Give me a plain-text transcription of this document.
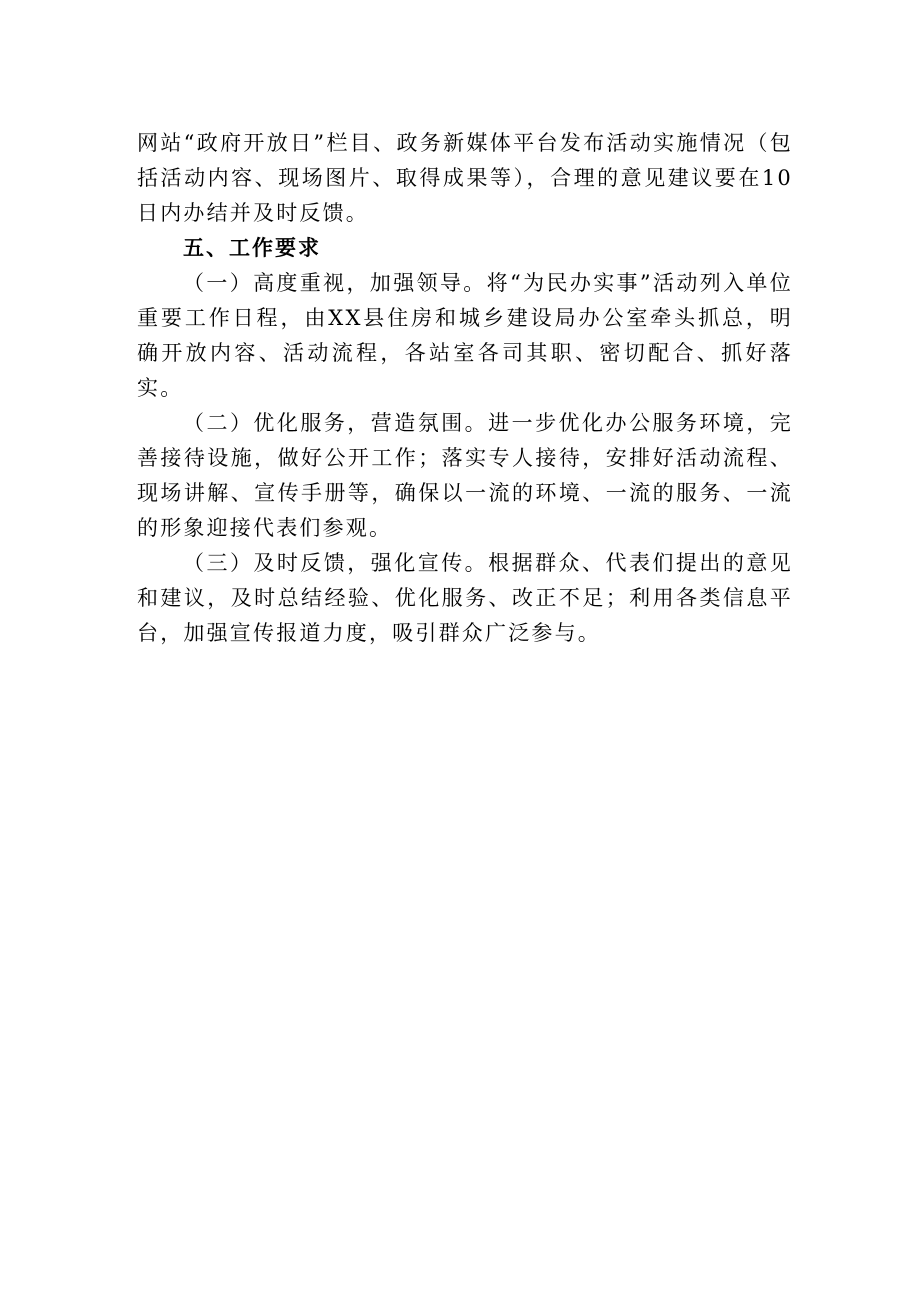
网站“政府开放日”栏目、政务新媒体平台发布活动实施情况（包括活动内容、现场图片、取得成果等），合理的意见建议要在10日内办结并及时反馈。

五、工作要求

（一）高度重视，加强领导。将“为民办实事”活动列入单位重要工作日程，由XX县住房和城乡建设局办公室牵头抓总，明确开放内容、活动流程，各站室各司其职、密切配合、抓好落实。

（二）优化服务，营造氛围。进一步优化办公服务环境，完善接待设施，做好公开工作；落实专人接待，安排好活动流程、现场讲解、宣传手册等，确保以一流的环境、一流的服务、一流的形象迎接代表们参观。

（三）及时反馈，强化宣传。根据群众、代表们提出的意见和建议，及时总结经验、优化服务、改正不足；利用各类信息平台，加强宣传报道力度，吸引群众广泛参与。
